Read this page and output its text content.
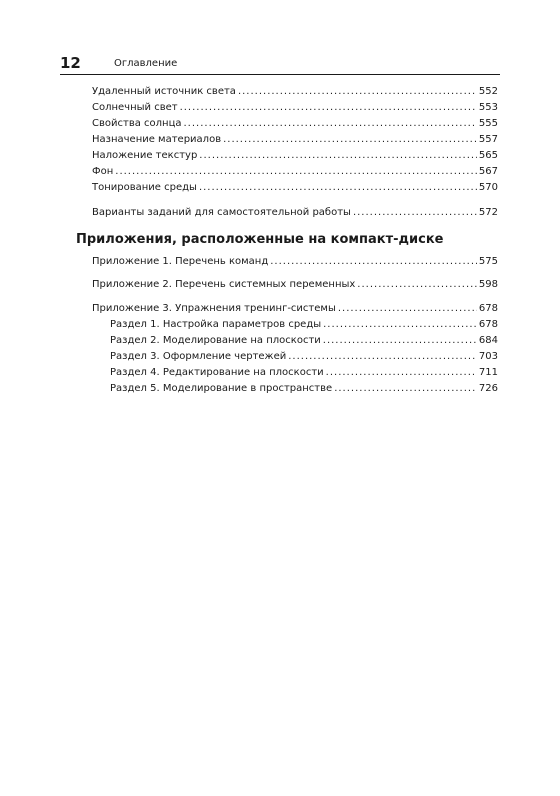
12	Оглавление
Удаленный источник света .....	552
Солнечный свет .....	553
Свойства солнца .....	555
Назначение материалов .....	557
Наложение текстур .....	565
Фон .....	567
Тонирование среды .....	570
Варианты заданий для самостоятельной работы .....	572
Приложения, расположенные на компакт-диске
Приложение 1. Перечень команд .....	575
Приложение 2. Перечень системных переменных .....	598
Приложение 3. Упражнения тренинг-системы .....	678
Раздел 1. Настройка параметров среды .....	678
Раздел 2. Моделирование на плоскости .....	684
Раздел 3. Оформление чертежей .....	703
Раздел 4. Редактирование на плоскости .....	711
Раздел 5. Моделирование в пространстве .....	726
